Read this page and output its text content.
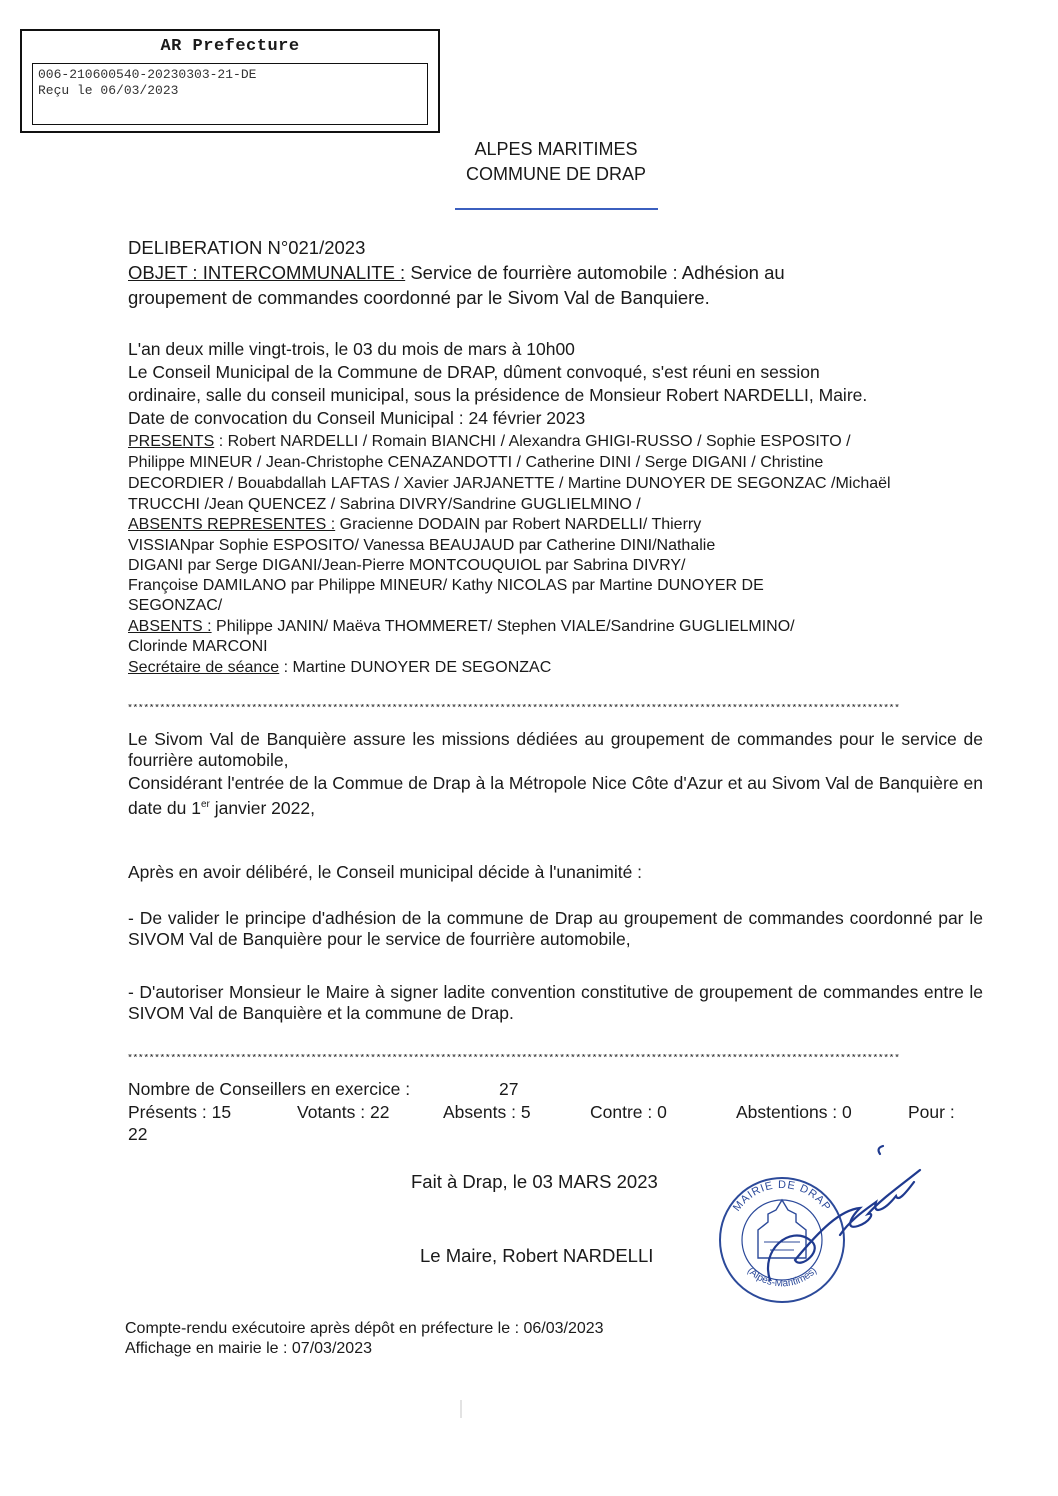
AR Prefecture
006-210600540-20230303-21-DE
Reçu le 06/03/2023
ALPES MARITIMES
COMMUNE DE DRAP
DELIBERATION N°021/2023
OBJET : INTERCOMMUNALITE : Service de fourrière automobile : Adhésion au
groupement de commandes coordonné par le Sivom Val de Banquiere.
L'an deux mille vingt-trois, le 03 du mois de mars à 10h00
Le Conseil Municipal de la Commune de DRAP, dûment convoqué, s'est réuni en session
ordinaire, salle du conseil municipal, sous la présidence de Monsieur Robert NARDELLI, Maire.
Date de convocation du Conseil Municipal : 24 février 2023
PRESENTS : Robert NARDELLI / Romain BIANCHI / Alexandra GHIGI-RUSSO / Sophie ESPOSITO /
Philippe MINEUR / Jean-Christophe CENAZANDOTTI / Catherine DINI / Serge DIGANI / Christine
DECORDIER / Bouabdallah LAFTAS / Xavier JARJANETTE / Martine DUNOYER DE SEGONZAC /Michaël
TRUCCHI /Jean QUENCEZ / Sabrina DIVRY/Sandrine GUGLIELMINO /
ABSENTS REPRESENTES : Gracienne DODAIN par Robert NARDELLI/ Thierry
VISSIANpar Sophie ESPOSITO/ Vanessa BEAUJAUD par Catherine DINI/Nathalie
DIGANI par Serge DIGANI/Jean-Pierre MONTCOUQUIOL par Sabrina DIVRY/
Françoise DAMILANO par Philippe MINEUR/ Kathy NICOLAS par Martine DUNOYER DE
SEGONZAC/
ABSENTS : Philippe JANIN/ Maëva THOMMERET/ Stephen VIALE/Sandrine GUGLIELMINO/
Clorinde MARCONI
Secrétaire de séance : Martine DUNOYER DE SEGONZAC
***********************************************************************************************************************************************
Le Sivom Val de Banquière assure les missions dédiées au groupement de commandes pour le service de fourrière automobile,
Considérant l'entrée de la Commue de Drap à la Métropole Nice Côte d'Azur et au Sivom Val de Banquière en date du 1er janvier 2022,
Après en avoir délibéré, le Conseil municipal décide à l'unanimité :
- De valider le principe d'adhésion de la commune de Drap au groupement de commandes coordonné par le SIVOM Val de Banquière pour le service de fourrière automobile,
- D'autoriser Monsieur le Maire à signer ladite convention constitutive de groupement de commandes entre le SIVOM Val de Banquière et la commune de Drap.
***********************************************************************************************************************************************
Nombre de Conseillers en exercice :	27
Présents : 15	Votants : 22	Absents : 5	Contre : 0	Abstentions : 0	Pour :
22
Fait à Drap, le 03 MARS 2023
Le Maire, Robert NARDELLI
MAIRIE DE DRAP
(Alpes-Maritimes)
Compte-rendu exécutoire après dépôt en préfecture le : 06/03/2023
Affichage en mairie le : 07/03/2023
